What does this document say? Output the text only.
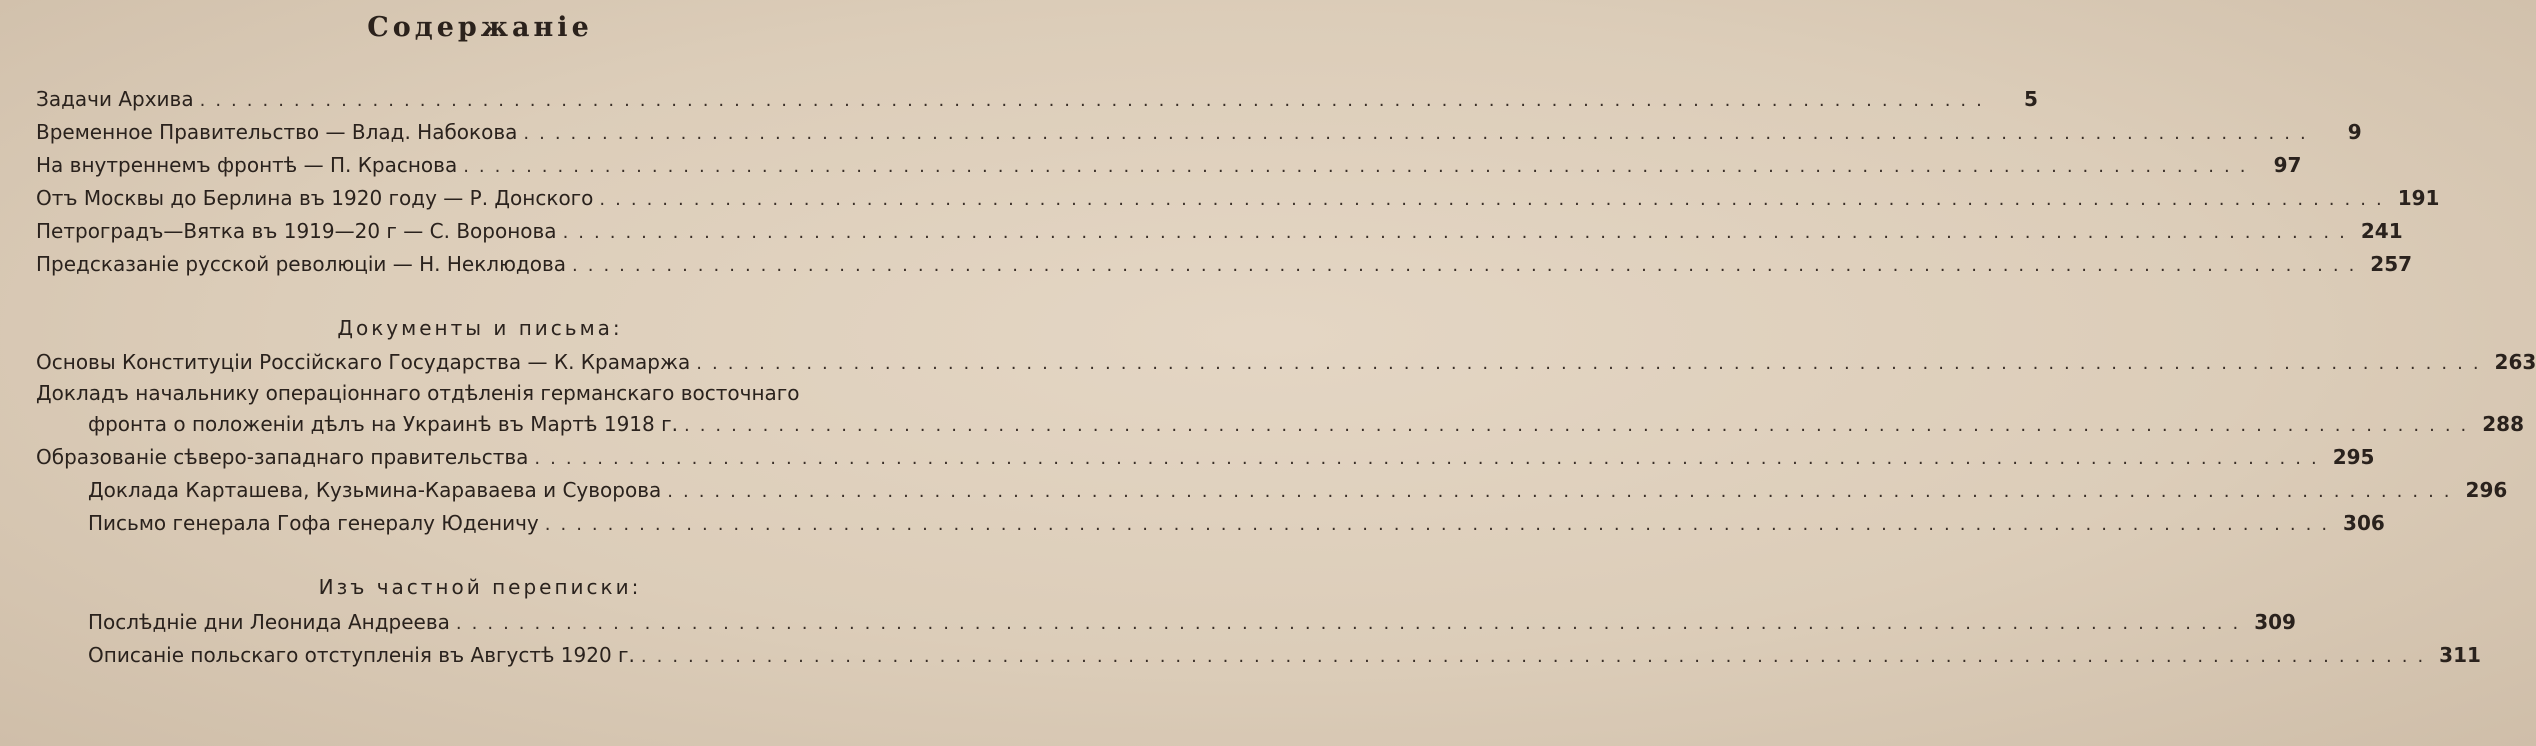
Содержаніе
Задачи Архива ..................................................................................................................	5
Временное Правительство — Влад. Набокова ..................................................................................................................	9
На внутреннемъ фронтѣ — П. Краснова .................................................................................................................. 97
Отъ Москвы до Берлина въ 1920 году — Р. Донского .................................................................................................................. 191
Петроградъ—Вятка въ 1919—20 г — С. Воронова .................................................................................................................. 241
Предсказаніе русской революціи — Н. Неклюдова .................................................................................................................. 257
Документы и письма:
Основы Конституціи Россійскаго Государства — К. Крамаржа .................................................................................................................. 263
Докладъ начальнику операціоннаго отдѣленія германскаго восточнаго
фронта о положеніи дѣлъ на Украинѣ въ Мартѣ 1918 г. .................................................................................................................. 288
Образованіе сѣверо-западнаго правительства .................................................................................................................. 295
Доклада Карташева, Кузьмина-Караваева и Суворова .................................................................................................................. 296
Письмо генерала Гофа генералу Юденичу .................................................................................................................. 306
Изъ частной переписки:
Послѣдніе дни Леонида Андреева .................................................................................................................. 309
Описаніе польскаго отступленія въ Августѣ 1920 г. .................................................................................................................. 311
